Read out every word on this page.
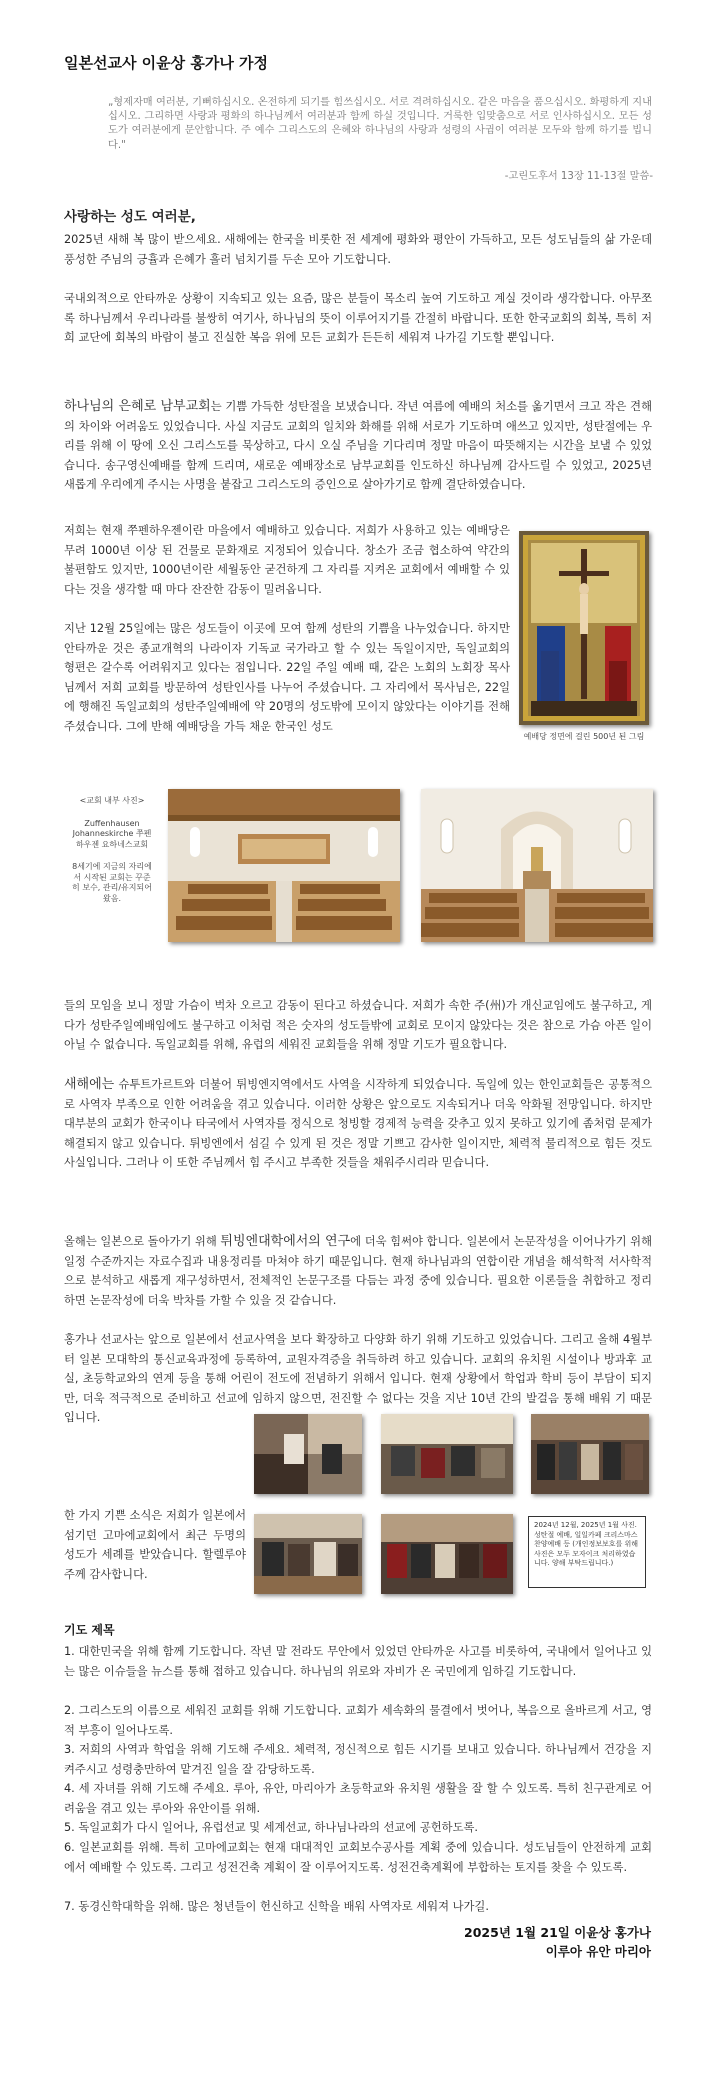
일본선교사 이윤상 홍가나 가정
„형제자매 여러분, 기뻐하십시오. 온전하게 되기를 힘쓰십시오. 서로 격려하십시오. 같은 마음을 품으십시오. 화평하게 지내십시오. 그리하면 사랑과 평화의 하나님께서 여러분과 함께 하실 것입니다. 거룩한 입맞춤으로 서로 인사하십시오. 모든 성도가 여러분에게 문안합니다. 주 예수 그리스도의 은혜와 하나님의 사랑과 성령의 사귐이 여러분 모두와 함께 하기를 빕니다."
-고린도후서 13장 11-13절 말씀-
사랑하는 성도 여러분,
2025년 새해 복 많이 받으세요. 새해에는 한국을 비롯한 전 세계에 평화와 평안이 가득하고, 모든 성도님들의 삶 가운데 풍성한 주님의 긍휼과 은혜가 흘러 넘치기를 두손 모아 기도합니다.
국내외적으로 안타까운 상황이 지속되고 있는 요즘, 많은 분들이 목소리 높여 기도하고 계실 것이라 생각합니다. 아무쪼록 하나님께서 우리나라를 불쌍히 여기사, 하나님의 뜻이 이루어지기를 간절히 바랍니다. 또한 한국교회의 회복, 특히 저희 교단에 회복의 바람이 불고 진실한 복음 위에 모든 교회가 든든히 세워져 나가길 기도할 뿐입니다.
하나님의 은혜로 남부교회는 기쁨 가득한 성탄절을 보냈습니다. 작년 여름에 예배의 처소를 옮기면서 크고 작은 견해의 차이와 어려움도 있었습니다. 사실 지금도 교회의 일치와 화해를 위해 서로가 기도하며 애쓰고 있지만, 성탄절에는 우리를 위해 이 땅에 오신 그리스도를 묵상하고, 다시 오실 주님을 기다리며 정말 마음이 따뜻해지는 시간을 보낼 수 있었습니다. 송구영신예배를 함께 드리며, 새로운 예배장소로 남부교회를 인도하신 하나님께 감사드릴 수 있었고, 2025년 새롭게 우리에게 주시는 사명을 붙잡고 그리스도의 증인으로 살아가기로 함께 결단하였습니다.
저희는 현재 쭈펜하우젠이란 마을에서 예배하고 있습니다. 저희가 사용하고 있는 예배당은 무려 1000년 이상 된 건물로 문화재로 지정되어 있습니다. 창소가 조금 협소하여 약간의 불편함도 있지만, 1000년이란 세월동안 굳건하게 그 자리를 지켜온 교회에서 예배할 수 있다는 것을 생각할 때 마다 잔잔한 감동이 밀려옵니다.
지난 12월 25일에는 많은 성도들이 이곳에 모여 함께 성탄의 기쁨을 나누었습니다. 하지만 안타까운 것은 종교개혁의 나라이자 기독교 국가라고 할 수 있는 독일이지만, 독일교회의 형편은 갈수록 어려워지고 있다는 점입니다. 22일 주일 예배 때, 같은 노회의 노회장 목사님께서 저희 교회를 방문하여 성탄인사를 나누어 주셨습니다. 그 자리에서 목사님은, 22일에 행해진 독일교회의 성탄주일예배에 약 20명의 성도밖에 모이지 않았다는 이야기를 전해주셨습니다. 그에 반해 예배당을 가득 채운 한국인 성도
예배당 정면에 걸린 500년 된 그림
<교회 내부 사진>
Zuffenhausen Johanneskirche 쭈펜하우젠 요하네스교회
8세기에 지금의 자리에서 시작된 교회는 꾸준히 보수, 관리/유지되어 왔음.
들의 모임을 보니 정말 가슴이 벅차 오르고 감동이 된다고 하셨습니다. 저희가 속한 주(州)가 개신교임에도 불구하고, 게다가 성탄주일예배임에도 불구하고 이처럼 적은 숫자의 성도들밖에 교회로 모이지 않았다는 것은 참으로 가슴 아픈 일이 아닐 수 없습니다. 독일교회를 위해, 유럽의 세워진 교회들을 위해 정말 기도가 필요합니다.
새해에는 슈투트가르트와 더불어 튀빙엔지역에서도 사역을 시작하게 되었습니다. 독일에 있는 한인교회들은 공통적으로 사역자 부족으로 인한 어려움을 겪고 있습니다. 이러한 상황은 앞으로도 지속되거나 더욱 악화될 전망입니다. 하지만 대부분의 교회가 한국이나 타국에서 사역자를 정식으로 청빙할 경제적 능력을 갖추고 있지 못하고 있기에 좀처럼 문제가 해결되지 않고 있습니다. 튀빙엔에서 섬길 수 있게 된 것은 정말 기쁘고 감사한 일이지만, 체력적 물리적으로 힘든 것도 사실입니다. 그러나 이 또한 주님께서 힘 주시고 부족한 것들을 채워주시리라 믿습니다.
올해는 일본으로 돌아가기 위해 튀빙엔대학에서의 연구에 더욱 힘써야 합니다. 일본에서 논문작성을 이어나가기 위해 일정 수준까지는 자료수집과 내용정리를 마쳐야 하기 때문입니다. 현재 하나님과의 연합이란 개념을 해석학적 서사학적으로 분석하고 새롭게 재구성하면서, 전체적인 논문구조를 다듬는 과정 중에 있습니다. 필요한 이론들을 취합하고 정리하면 논문작성에 더욱 박차를 가할 수 있을 것 같습니다.
홍가나 선교사는 앞으로 일본에서 선교사역을 보다 확장하고 다양화 하기 위해 기도하고 있었습니다. 그리고 올해 4월부터 일본 모대학의 통신교육과정에 등록하여, 교원자격증을 취득하려 하고 있습니다. 교회의 유치원 시설이나 방과후 교실, 초등학교와의 연계 등을 통해 어린이 전도에 전념하기 위해서 입니다. 현재 상황에서 학업과 학비 등이 부담이 되지만, 더욱 적극적으로 준비하고 선교에 임하지 않으면, 전진할 수 없다는 것을 지난 10년 간의 발걸음 통해 배워 기 때문
입니다.
한 가지 기쁜 소식은 저희가 일본에서 섬기던 고마에교회에서 최근 두명의 성도가 세례를 받았습니다. 할렐루야 주께 감사합니다.
2024년 12월, 2025년 1월 사진. 성탄절 예배, 일일카페 크리스마스 찬양예배 등 (개인정보보호를 위해 사진은 모두 모자이크 처리하였습니다. 양해 부탁드립니다.)
기도 제목
1. 대한민국을 위해 함께 기도합니다. 작년 말 전라도 무안에서 있었던 안타까운 사고를 비롯하여, 국내에서 일어나고 있는 많은 이슈들을 뉴스를 통해 접하고 있습니다. 하나님의 위로와 자비가 온 국민에게 임하길 기도합니다.
2. 그리스도의 이름으로 세워진 교회를 위해 기도합니다. 교회가 세속화의 물결에서 벗어나, 복음으로 올바르게 서고, 영적 부흥이 일어나도록.
3. 저희의 사역과 학업을 위해 기도해 주세요. 체력적, 정신적으로 힘든 시기를 보내고 있습니다. 하나님께서 건강을 지켜주시고 성령충만하여 맡겨진 일을 잘 감당하도록.
4. 세 자녀를 위해 기도해 주세요. 루아, 유안, 마리아가 초등학교와 유치원 생활을 잘 할 수 있도록. 특히 친구관계로 어려움을 겪고 있는 루아와 유안이를 위해.
5. 독일교회가 다시 일어나, 유럽선교 및 세계선교, 하나님나라의 선교에 공헌하도록.
6. 일본교회를 위해. 특히 고마에교회는 현재 대대적인 교회보수공사를 계획 중에 있습니다. 성도님들이 안전하게 교회에서 예배할 수 있도록. 그리고 성전건축 계획이 잘 이루어지도록. 성전건축계획에 부합하는 토지를 찾을 수 있도록.
7. 동경신학대학을 위해. 많은 청년들이 헌신하고 신학을 배워 사역자로 세워져 나가길.
2025년 1월 21일 이윤상 홍가나
이루아 유안 마리아
